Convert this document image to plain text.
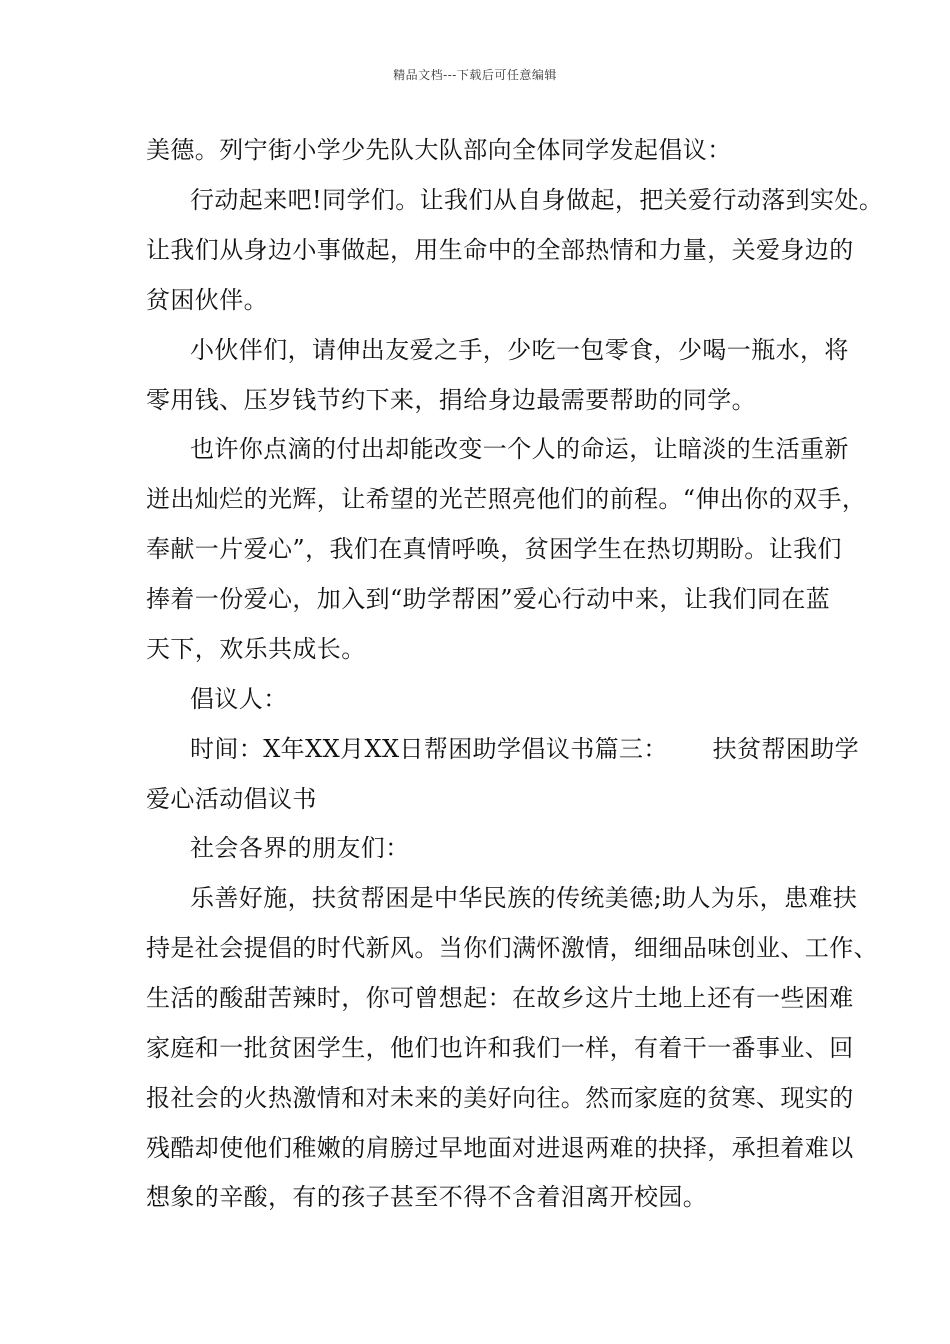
精品文档---下载后可任意编辑
美德。列宁街小学少先队大队部向全体同学发起倡议：
行动起来吧!同学们。让我们从自身做起，把关爱行动落到实处。
让我们从身边小事做起，用生命中的全部热情和力量，关爱身边的
贫困伙伴。
小伙伴们，请伸出友爱之手，少吃一包零食，少喝一瓶水，将
零用钱、压岁钱节约下来，捐给身边最需要帮助的同学。
也许你点滴的付出却能改变一个人的命运，让暗淡的生活重新
迸出灿烂的光辉，让希望的光芒照亮他们的前程。“伸出你的双手，
奉献一片爱心”，我们在真情呼唤，贫困学生在热切期盼。让我们
捧着一份爱心，加入到“助学帮困”爱心行动中来，让我们同在蓝
天下，欢乐共成长。
倡议人：
时间：X年XX月XX日帮困助学倡议书篇三：　　 扶贫帮困助学
爱心活动倡议书
社会各界的朋友们：
乐善好施，扶贫帮困是中华民族的传统美德;助人为乐，患难扶
持是社会提倡的时代新风。当你们满怀激情，细细品味创业、工作、
生活的酸甜苦辣时，你可曾想起：在故乡这片土地上还有一些困难
家庭和一批贫困学生，他们也许和我们一样，有着干一番事业、回
报社会的火热激情和对未来的美好向往。然而家庭的贫寒、现实的
残酷却使他们稚嫩的肩膀过早地面对进退两难的抉择，承担着难以
想象的辛酸，有的孩子甚至不得不含着泪离开校园。
